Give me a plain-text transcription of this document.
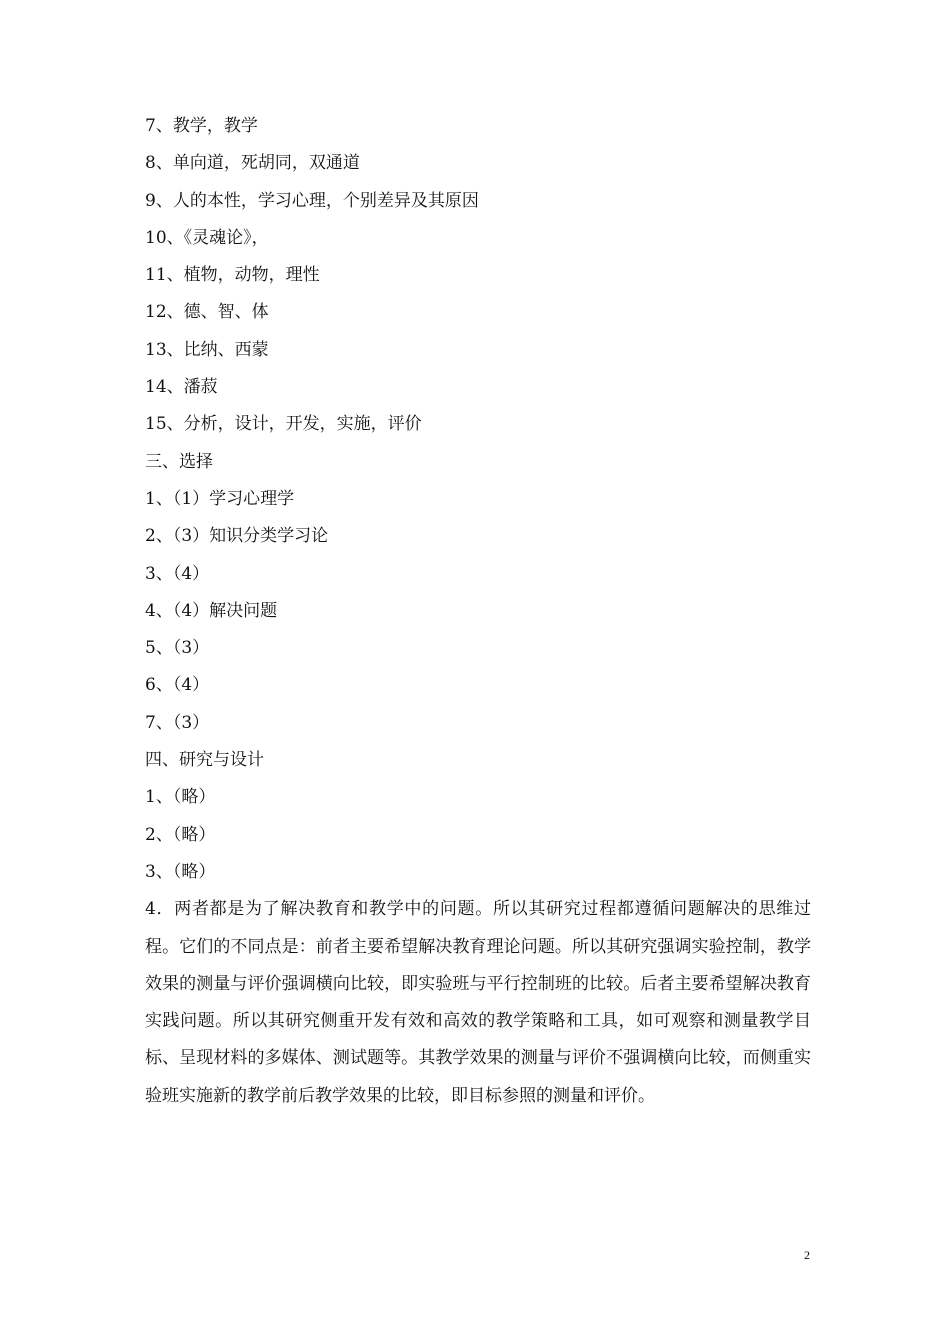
7、教学，教学
8、单向道，死胡同，双通道
9、人的本性，学习心理，个别差异及其原因
10、《灵魂论》，
11、植物，动物，理性
12、德、智、体
13、比纳、西蒙
14、潘菽
15、分析，设计，开发，实施，评价
三、选择
1、（1）学习心理学
2、（3）知识分类学习论
3、（4）
4、（4）解决问题
5、（3）
6、（4）
7、（3）
四、研究与设计
1、（略）
2、（略）
3、（略）
4．两者都是为了解决教育和教学中的问题。所以其研究过程都遵循问题解决的思维过程。它们的不同点是：前者主要希望解决教育理论问题。所以其研究强调实验控制，教学效果的测量与评价强调横向比较，即实验班与平行控制班的比较。后者主要希望解决教育实践问题。所以其研究侧重开发有效和高效的教学策略和工具，如可观察和测量教学目标、呈现材料的多媒体、测试题等。其教学效果的测量与评价不强调横向比较，而侧重实验班实施新的教学前后教学效果的比较，即目标参照的测量和评价。
2
